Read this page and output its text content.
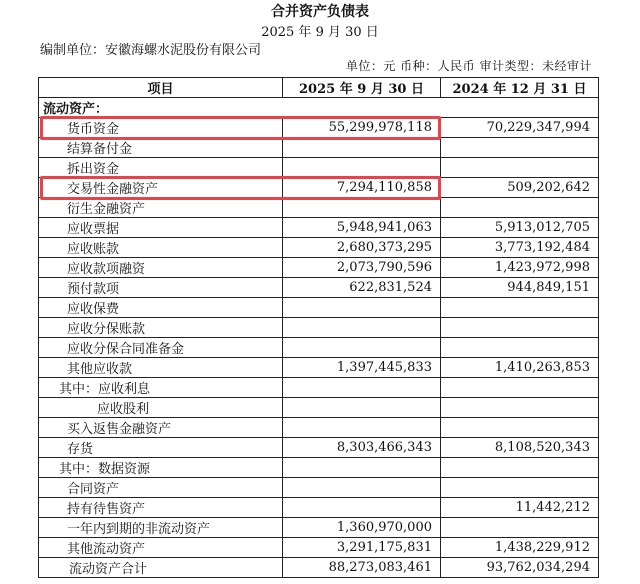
合并资产负债表
2025 年 9 月 30 日
编制单位：安徽海螺水泥股份有限公司
单位：元 币种：人民币 审计类型：未经审计
项目	2025 年 9 月 30 日	2024 年 12 月 31 日
流动资产：		
货币资金	55,299,978,118	70,229,347,994
结算备付金		
拆出资金		
交易性金融资产	7,294,110,858	509,202,642
衍生金融资产		
应收票据	5,948,941,063	5,913,012,705
应收账款	2,680,373,295	3,773,192,484
应收款项融资	2,073,790,596	1,423,972,998
预付款项	622,831,524	944,849,151
应收保费		
应收分保账款		
应收分保合同准备金		
其他应收款	1,397,445,833	1,410,263,853
其中：应收利息		
应收股利		
买入返售金融资产		
存货	8,303,466,343	8,108,520,343
其中：数据资源		
合同资产		
持有待售资产		11,442,212
一年内到期的非流动资产	1,360,970,000	
其他流动资产	3,291,175,831	1,438,229,912
流动资产合计	88,273,083,461	93,762,034,294
